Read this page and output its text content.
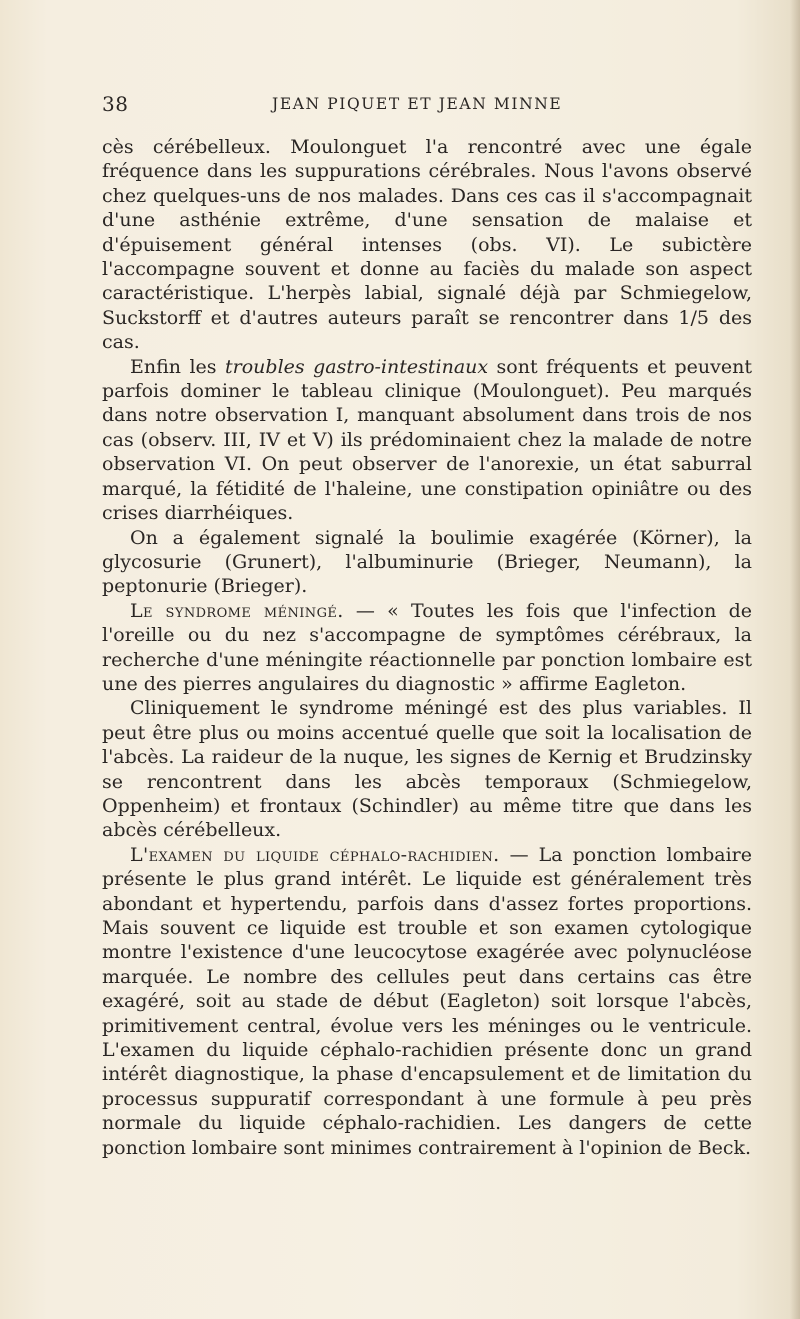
38	JEAN PIQUET ET JEAN MINNE

cès cérébelleux. Moulonguet l'a rencontré avec une égale fréquence dans les suppurations cérébrales. Nous l'avons observé chez quelques-uns de nos malades. Dans ces cas il s'accompagnait d'une asthénie extrême, d'une sensation de malaise et d'épuisement général intenses (obs. VI). Le subictère l'accompagne souvent et donne au faciès du malade son aspect caractéristique. L'herpès labial, signalé déjà par Schmiegelow, Suckstorff et d'autres auteurs paraît se rencontrer dans 1/5 des cas.

Enfin les troubles gastro-intestinaux sont fréquents et peuvent parfois dominer le tableau clinique (Moulonguet). Peu marqués dans notre observation I, manquant absolument dans trois de nos cas (observ. III, IV et V) ils prédominaient chez la malade de notre observation VI. On peut observer de l'anorexie, un état saburral marqué, la fétidité de l'haleine, une constipation opiniâtre ou des crises diarrhéiques.

On a également signalé la boulimie exagérée (Körner), la glycosurie (Grunert), l'albuminurie (Brieger, Neumann), la peptonurie (Brieger).

Le syndrome méningé. — « Toutes les fois que l'infection de l'oreille ou du nez s'accompagne de symptômes cérébraux, la recherche d'une méningite réactionnelle par ponction lombaire est une des pierres angulaires du diagnostic » affirme Eagleton.

Cliniquement le syndrome méningé est des plus variables. Il peut être plus ou moins accentué quelle que soit la localisation de l'abcès. La raideur de la nuque, les signes de Kernig et Brudzinsky se rencontrent dans les abcès temporaux (Schmiegelow, Oppenheim) et frontaux (Schindler) au même titre que dans les abcès cérébelleux.

L'examen du liquide céphalo-rachidien. — La ponction lombaire présente le plus grand intérêt. Le liquide est généralement très abondant et hypertendu, parfois dans d'assez fortes proportions. Mais souvent ce liquide est trouble et son examen cytologique montre l'existence d'une leucocytose exagérée avec polynucléose marquée. Le nombre des cellules peut dans certains cas être exagéré, soit au stade de début (Eagleton) soit lorsque l'abcès, primitivement central, évolue vers les méninges ou le ventricule. L'examen du liquide céphalo-rachidien présente donc un grand intérêt diagnostique, la phase d'encapsulement et de limitation du processus suppuratif correspondant à une formule à peu près normale du liquide céphalo-rachidien. Les dangers de cette ponction lombaire sont minimes contrairement à l'opinion de Beck.
